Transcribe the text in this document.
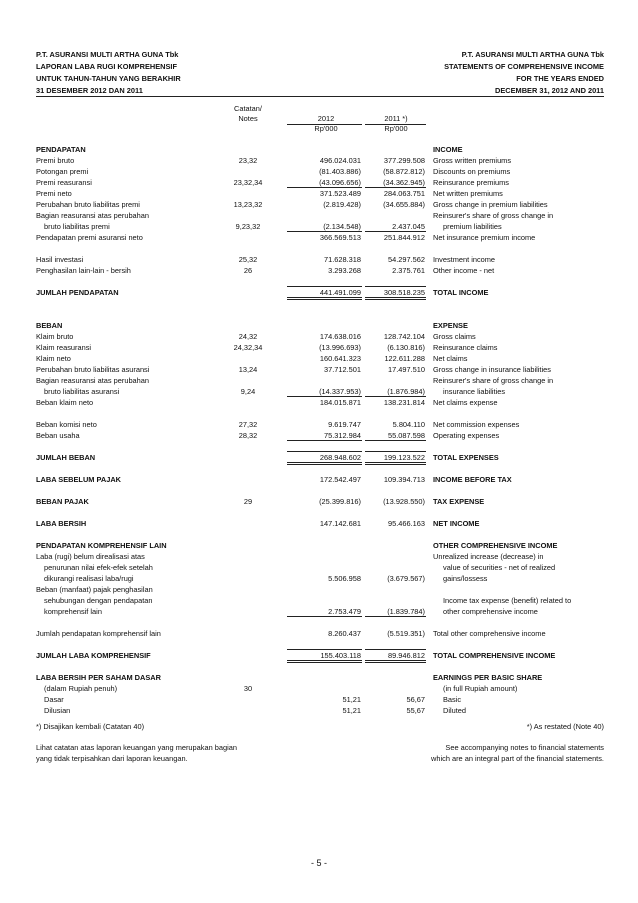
P.T. ASURANSI MULTI ARTHA GUNA Tbk
LAPORAN LABA RUGI KOMPREHENSIF
UNTUK TAHUN-TAHUN YANG BERAKHIR
31 DESEMBER 2012 DAN 2011
P.T. ASURANSI MULTI ARTHA GUNA Tbk
STATEMENTS OF COMPREHENSIVE INCOME
FOR THE YEARS ENDED
DECEMBER 31, 2012 AND 2011
Catatan/
Notes	2012
Rp'000
2011 *)
Rp'000
PENDAPATAN	INCOME
Premi bruto	23,32	496.024.031	377.299.508 Gross written premiums
Potongan premi	(81.403.886)	(58.872.812) Discounts on premiums
Premi reasuransi	23,32,34	(43.096.656)	(34.362.945) Reinsurance premiums
Premi neto	371.523.489	284.063.751 Net written premiums
Perubahan bruto liabilitas premi	13,23,32	(2.819.428)	(34.655.884) Gross change in premium liabilities
Bagian reasuransi atas perubahan	Reinsurer's share of gross change in
bruto liabilitas premi	9,23,32	(2.134.548)	2.437.045 premium liabilities
Pendapatan premi asuransi neto	366.569.513	251.844.912 Net insurance premium income
Hasil investasi	25,32	71.628.318	54.297.562 Investment income
Penghasilan lain-lain - bersih	26	3.293.268	2.375.761 Other income - net
JUMLAH PENDAPATAN	441.491.099	308.518.235 TOTAL INCOME
BEBAN	EXPENSE
Klaim bruto	24,32	174.638.016	128.742.104 Gross claims
Klaim reasuransi	24,32,34	(13.996.693)	(6.130.816) Reinsurance claims
Klaim neto	160.641.323	122.611.288 Net claims
Perubahan bruto liabilitas asuransi	13,24	37.712.501	17.497.510 Gross change in insurance liabilities
Bagian reasuransi atas perubahan	Reinsurer's share of gross change in
bruto liabilitas asuransi	9,24	(14.337.953)	(1.876.984) insurance liabilities
Beban klaim neto	184.015.871	138.231.814 Net claims expense
Beban komisi neto	27,32	9.619.747	5.804.110 Net commission expenses
Beban usaha	28,32	75.312.984	55.087.598 Operating expenses
JUMLAH BEBAN	268.948.602	199.123.522 TOTAL EXPENSES
LABA SEBELUM PAJAK	172.542.497	109.394.713 INCOME BEFORE TAX
BEBAN PAJAK	29	(25.399.816)	(13.928.550) TAX EXPENSE
LABA BERSIH	147.142.681	95.466.163 NET INCOME
PENDAPATAN KOMPREHENSIF LAIN	OTHER COMPREHENSIVE INCOME
Laba (rugi) belum direalisasi atas	Unrealized increase (decrease) in
penurunan nilai efek-efek setelah	value of securities - net of realized
dikurangi realisasi laba/rugi	5.506.958	(3.679.567) gains/lossess
Beban (manfaat) pajak penghasilan
sehubungan dengan pendapatan	Income tax expense (benefit) related to
komprehensif lain	2.753.479	(1.839.784) other comprehensive income
Jumlah pendapatan komprehensif lain	8.260.437	(5.519.351) Total other comprehensive income
JUMLAH LABA KOMPREHENSIF	155.403.118	89.946.812 TOTAL COMPREHENSIVE INCOME
LABA BERSIH PER SAHAM DASAR	EARNINGS PER BASIC SHARE
(dalam Rupiah penuh)	30	(in full Rupiah amount)
Dasar	51,21	56,67 Basic
Dilusian	51,21	55,67 Diluted
*) Disajikan kembali (Catatan 40)	*) As restated (Note 40)
Lihat catatan atas laporan keuangan yang merupakan bagian
yang tidak terpisahkan dari laporan keuangan.
See accompanying notes to financial statements
which are an integral part of the financial statements.
- 5 -
